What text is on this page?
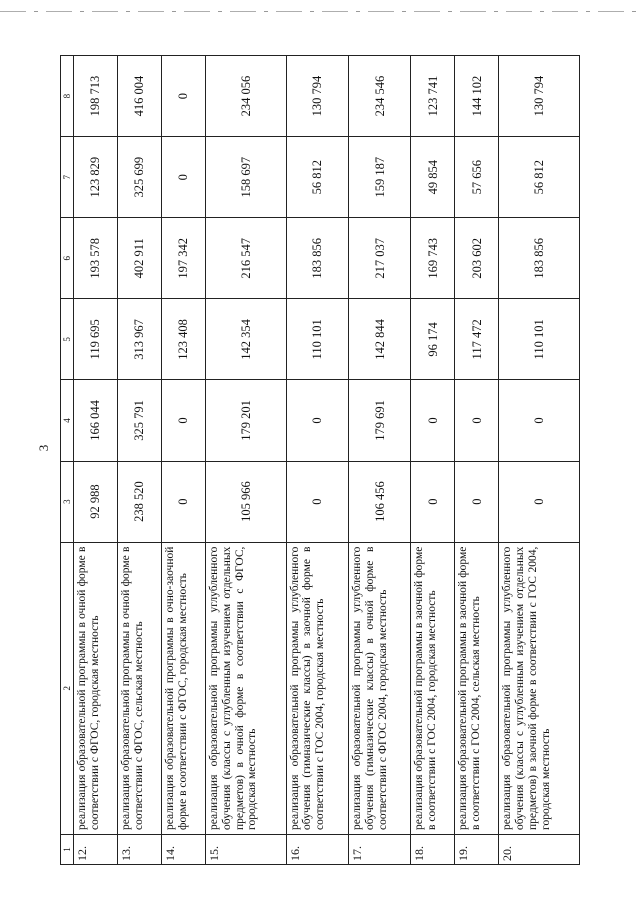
3
1	2	3	4	5	6	7	8
12.	реализация образовательной программы в очной форме в соответствии с ФГОС, городская местность	92 988	166 044	119 695	193 578	123 829	198 713
13.	реализация образовательной программы в очной форме в соответствии с ФГОС, сельская местность	238 520	325 791	313 967	402 911	325 699	416 004
14.	реализация образовательной программы в очно-заочной форме в соответствии с ФГОС, городская местность	0	0	123 408	197 342	0	0
15.	реализация образовательной программы углубленного обучения (классы с углубленным изучением отдельных предметов) в очной форме в соответствии с ФГОС, городская местность	105 966	179 201	142 354	216 547	158 697	234 056
16.	реализация образовательной программы углубленного обучения (гимназические классы) в заочной форме в соответствии с ГОС 2004, городская местность	0	0	110 101	183 856	56 812	130 794
17.	реализация образовательной программы углубленного обучения (гимназические классы) в очной форме в соответствии с ФГОС 2004, городская местность	106 456	179 691	142 844	217 037	159 187	234 546
18.	реализация образовательной программы в заочной форме в соответствии с ГОС 2004, городская местность	0	0	96 174	169 743	49 854	123 741
19.	реализация образовательной программы в заочной форме в соответствии с ГОС 2004, сельская местность	0	0	117 472	203 602	57 656	144 102
20.	реализация образовательной программы углубленного обучения (классы с углубленным изучением отдельных предметов) в заочной форме в соответствии с ГОС 2004, городская местность	0	0	110 101	183 856	56 812	130 794
